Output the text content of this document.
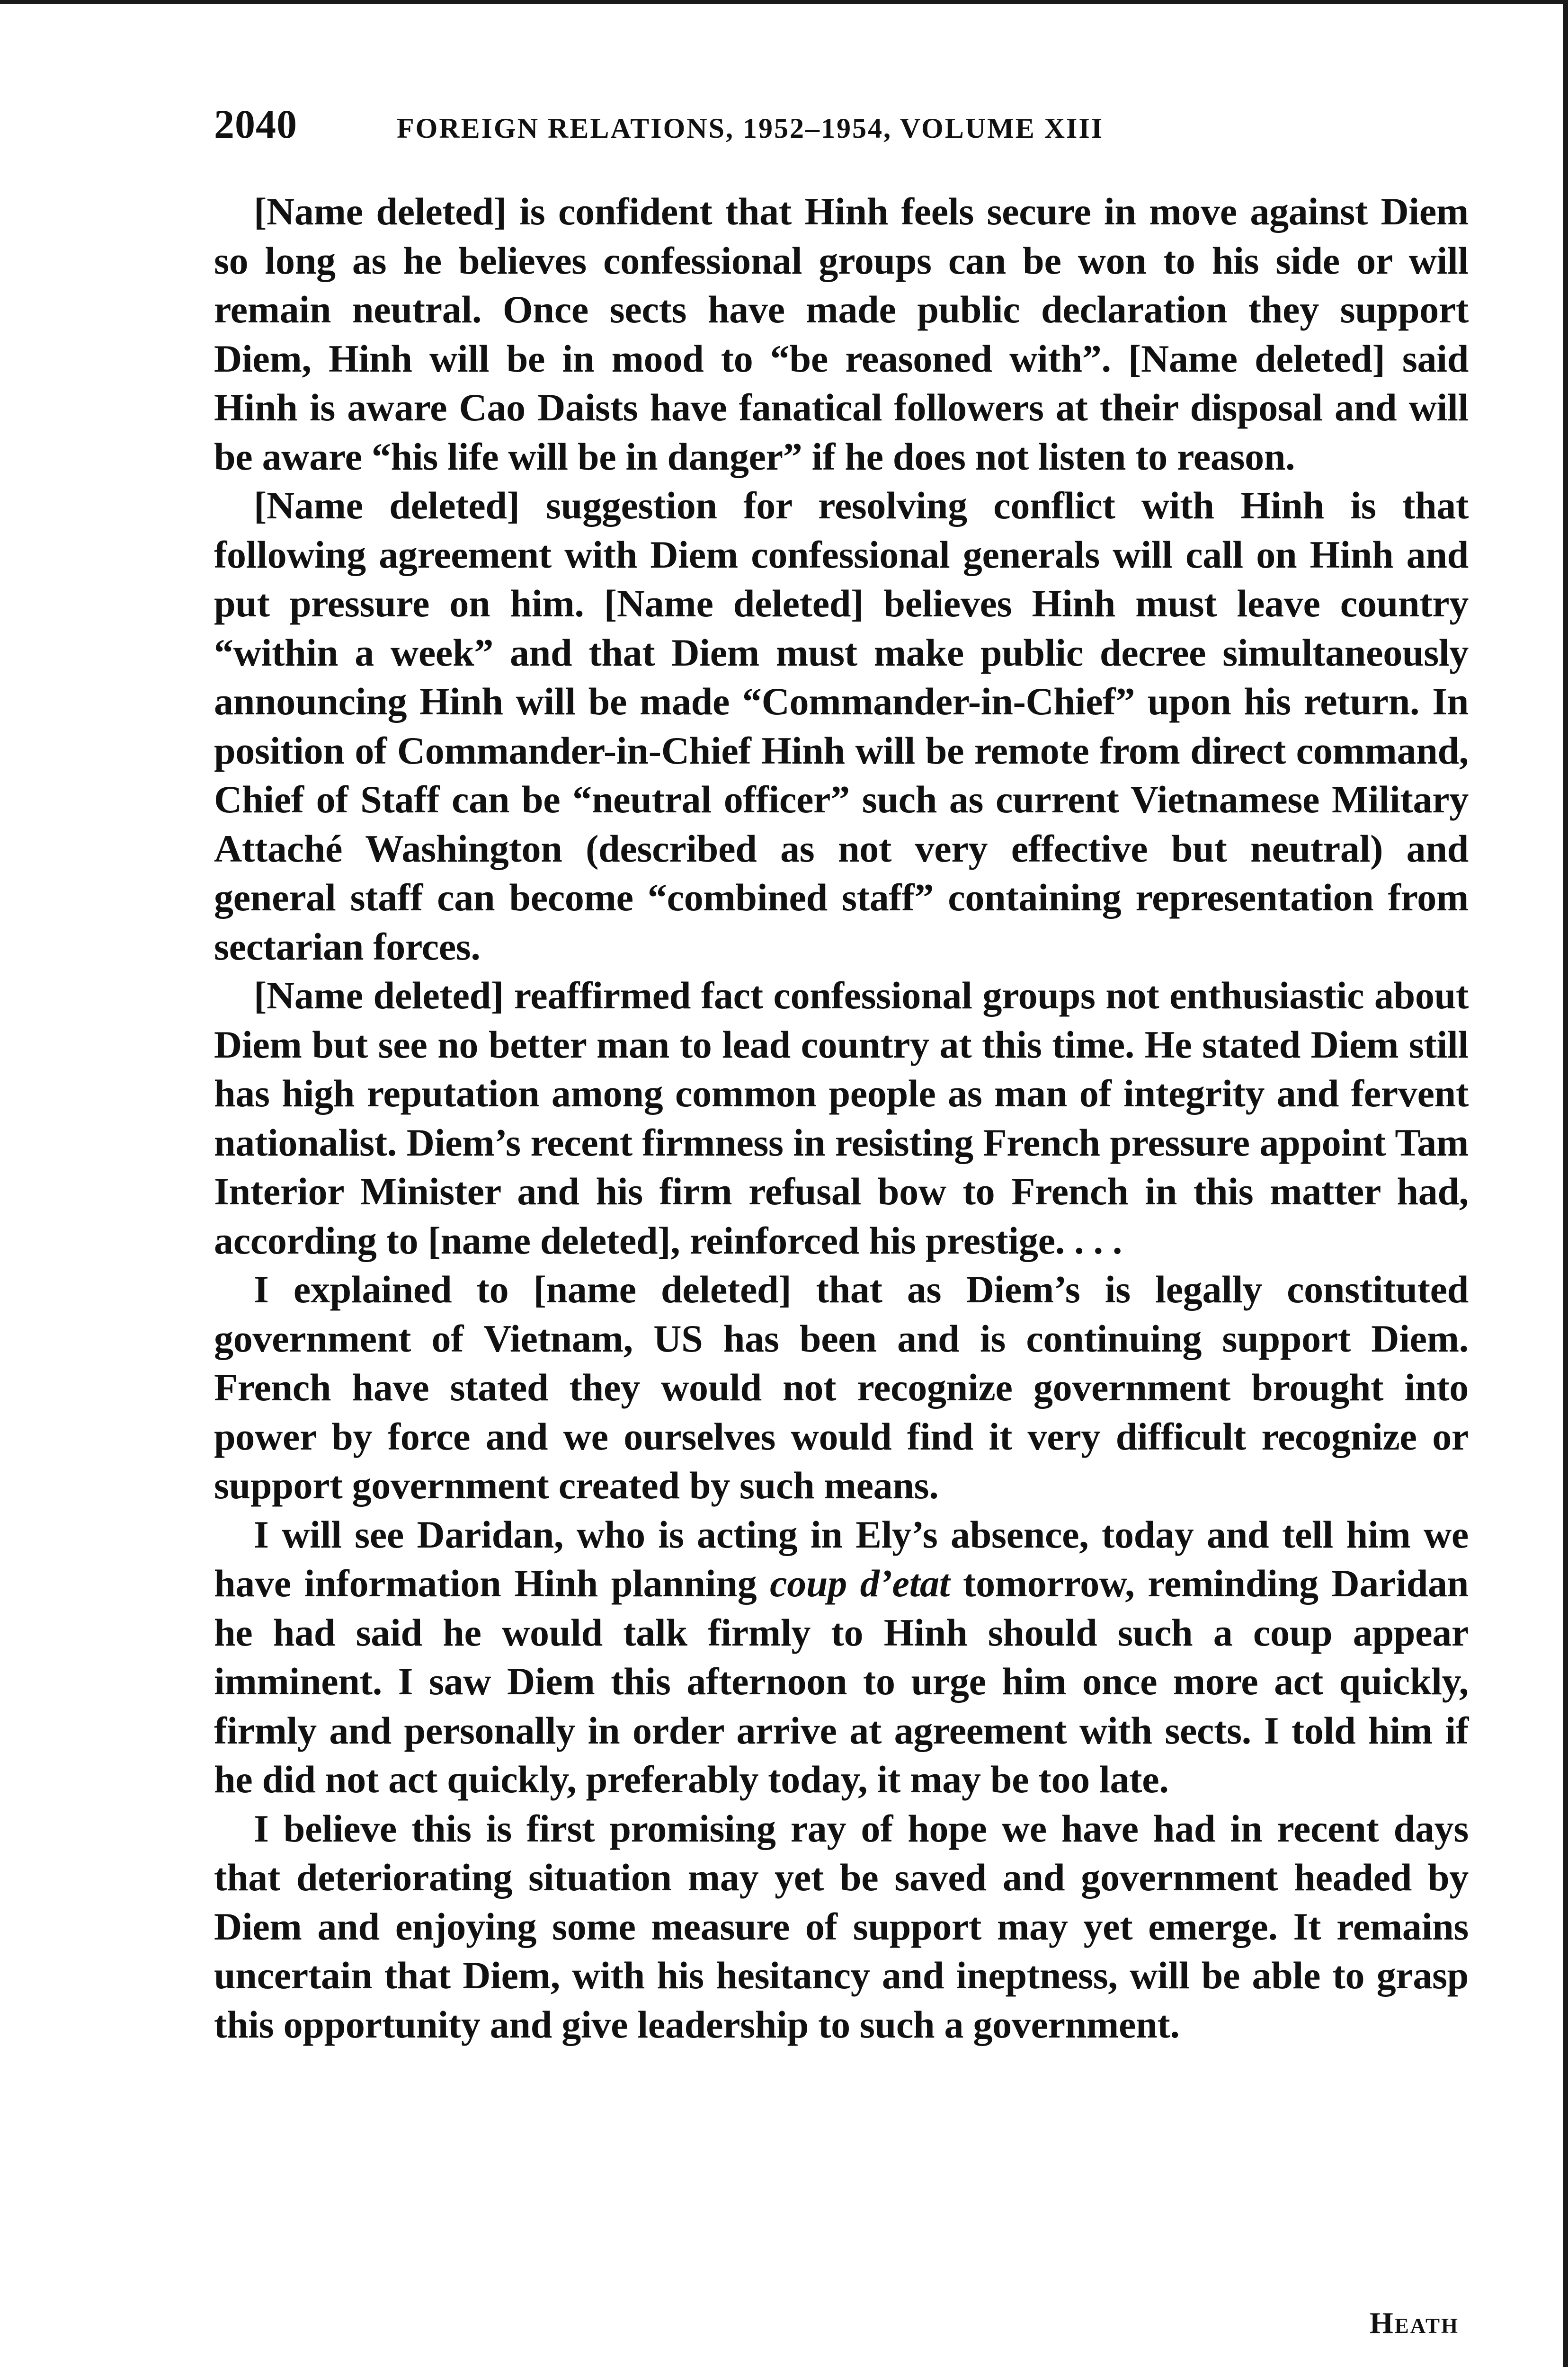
2040	FOREIGN RELATIONS, 1952–1954, VOLUME XIII

[Name deleted] is confident that Hinh feels secure in move against Diem so long as he believes confessional groups can be won to his side or will remain neutral. Once sects have made public declaration they support Diem, Hinh will be in mood to “be reasoned with”. [Name deleted] said Hinh is aware Cao Daists have fanatical followers at their disposal and will be aware “his life will be in danger” if he does not listen to reason.

[Name deleted] suggestion for resolving conflict with Hinh is that following agreement with Diem confessional generals will call on Hinh and put pressure on him. [Name deleted] believes Hinh must leave country “within a week” and that Diem must make public decree simultaneously announcing Hinh will be made “Commander-in-Chief” upon his return. In position of Commander-in-Chief Hinh will be remote from direct command, Chief of Staff can be “neutral officer” such as current Vietnamese Military Attaché Washington (described as not very effective but neutral) and general staff can become “combined staff” containing representation from sectarian forces.

[Name deleted] reaffirmed fact confessional groups not enthusiastic about Diem but see no better man to lead country at this time. He stated Diem still has high reputation among common people as man of integrity and fervent nationalist. Diem’s recent firmness in resisting French pressure appoint Tam Interior Minister and his firm refusal bow to French in this matter had, according to [name deleted], reinforced his prestige. . . .

I explained to [name deleted] that as Diem’s is legally constituted government of Vietnam, US has been and is continuing support Diem. French have stated they would not recognize government brought into power by force and we ourselves would find it very difficult recognize or support government created by such means.

I will see Daridan, who is acting in Ely’s absence, today and tell him we have information Hinh planning coup d’etat tomorrow, reminding Daridan he had said he would talk firmly to Hinh should such a coup appear imminent. I saw Diem this afternoon to urge him once more act quickly, firmly and personally in order arrive at agreement with sects. I told him if he did not act quickly, preferably today, it may be too late.

I believe this is first promising ray of hope we have had in recent days that deteriorating situation may yet be saved and government headed by Diem and enjoying some measure of support may yet emerge. It remains uncertain that Diem, with his hesitancy and ineptness, will be able to grasp this opportunity and give leadership to such a government.

Heath
